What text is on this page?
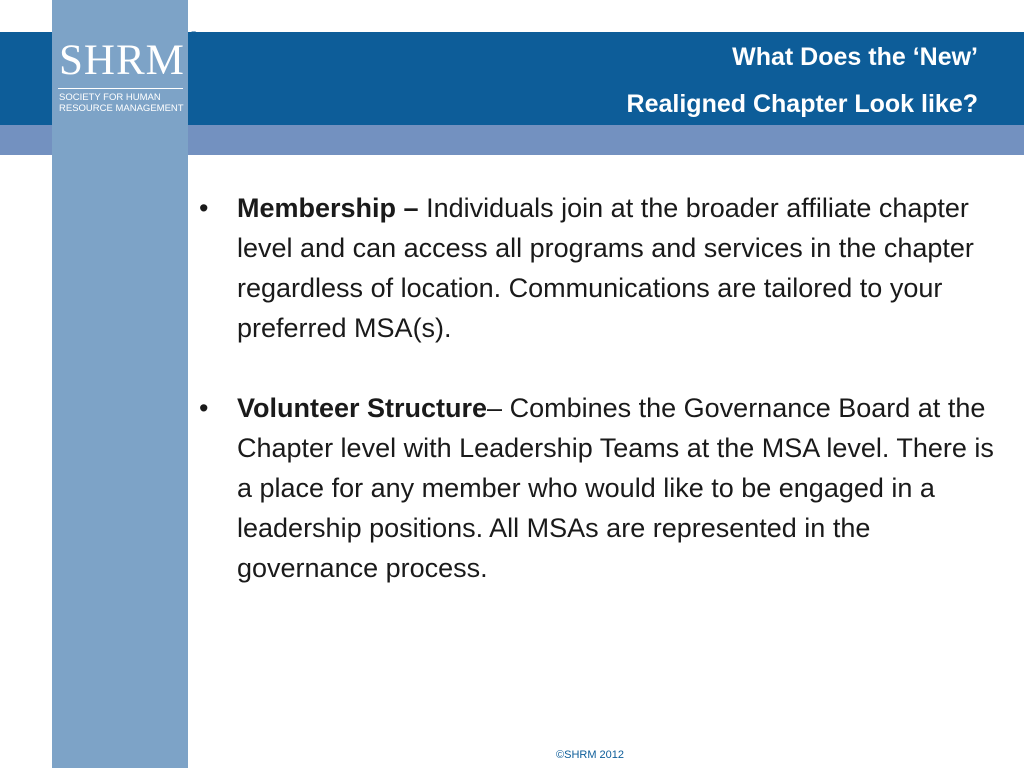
SHRM
SOCIETY FOR HUMAN
RESOURCE MANAGEMENT
®
What Does the ‘New’
Realigned Chapter Look like?
• Membership – Individuals join at the broader affiliate chapter level and can access all programs and services in the chapter regardless of location. Communications are tailored to your preferred MSA(s).
• Volunteer Structure– Combines the Governance Board at the Chapter level with Leadership Teams at the MSA level. There is a place for any member who would like to be engaged in a leadership positions. All MSAs are represented in the governance process.
©SHRM 2012
